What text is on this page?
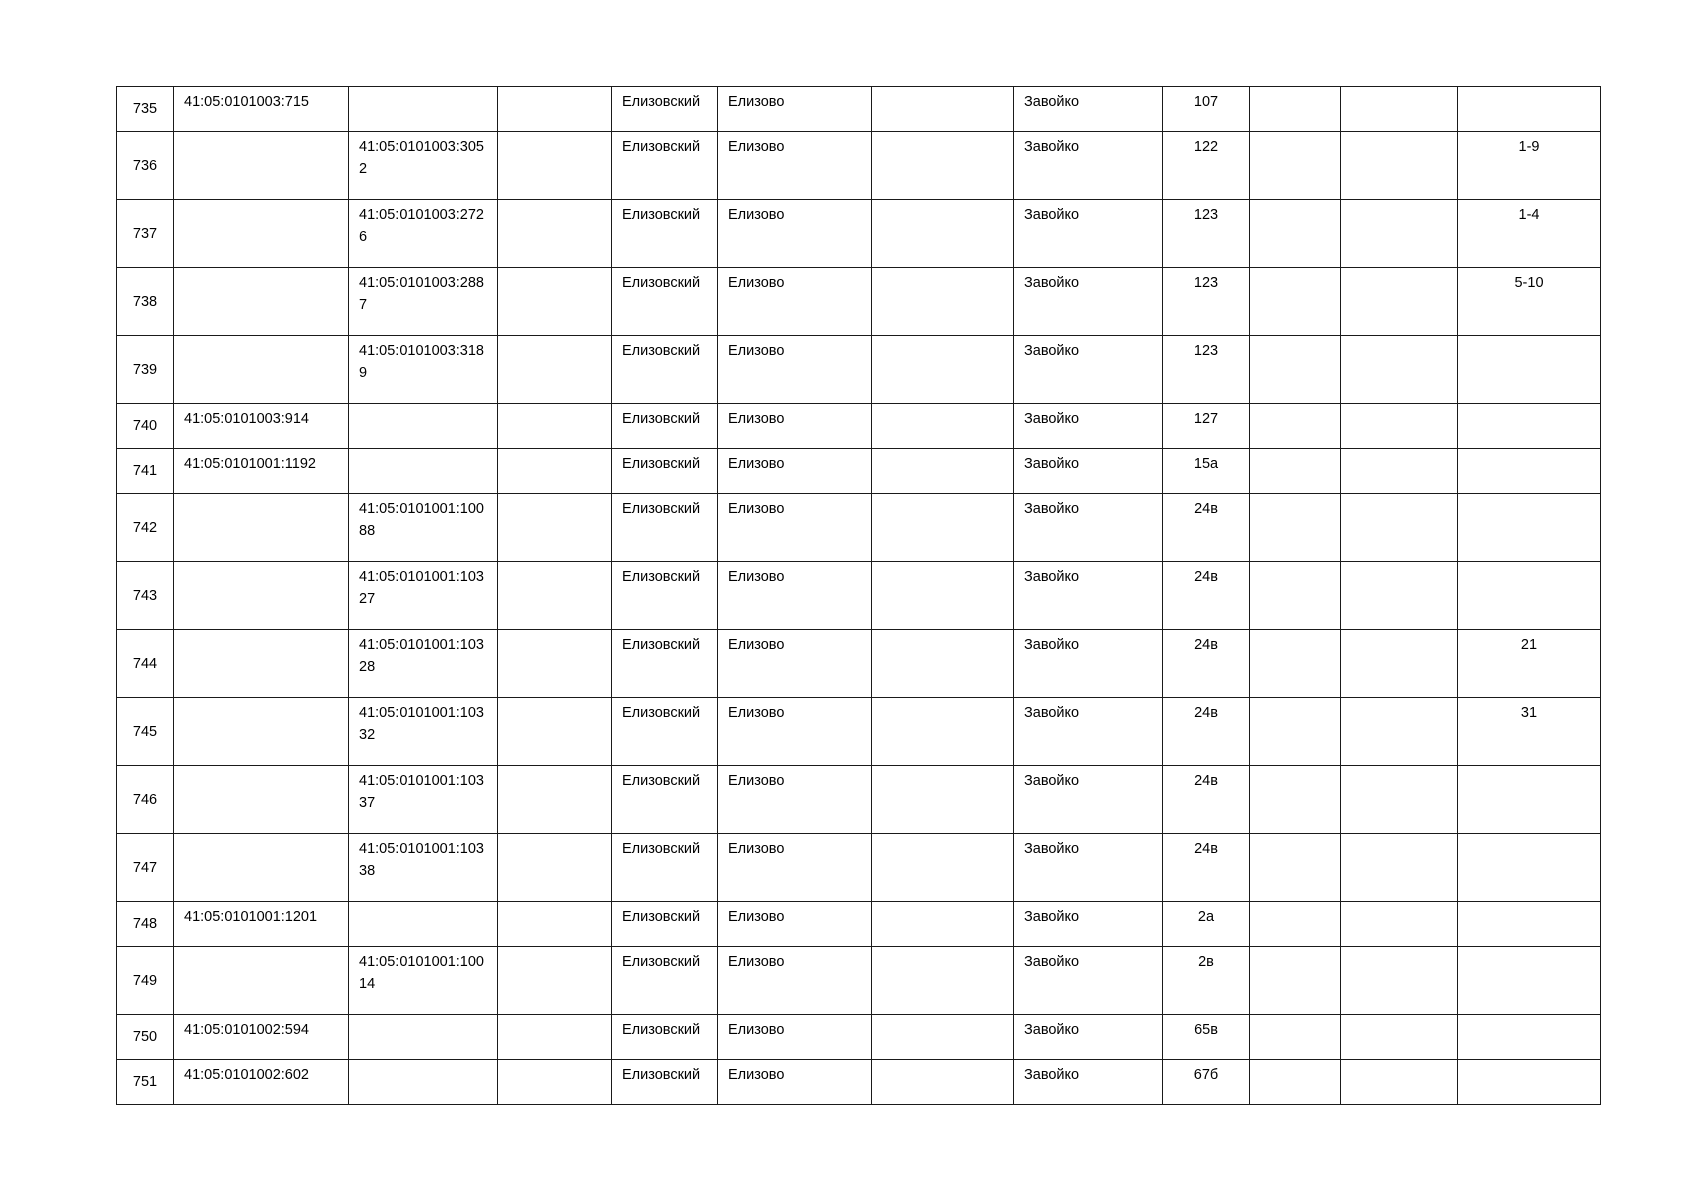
735	41:05:0101003:715			Елизовский	Елизово		Завойко	107			
736		41:05:0101003:3052		Елизовский	Елизово		Завойко	122			1-9
737		41:05:0101003:2726		Елизовский	Елизово		Завойко	123			1-4
738		41:05:0101003:2887		Елизовский	Елизово		Завойко	123			5-10
739		41:05:0101003:3189		Елизовский	Елизово		Завойко	123			
740	41:05:0101003:914			Елизовский	Елизово		Завойко	127			
741	41:05:0101001:1192			Елизовский	Елизово		Завойко	15а			
742		41:05:0101001:10088		Елизовский	Елизово		Завойко	24в			
743		41:05:0101001:10327		Елизовский	Елизово		Завойко	24в			
744		41:05:0101001:10328		Елизовский	Елизово		Завойко	24в			21
745		41:05:0101001:10332		Елизовский	Елизово		Завойко	24в			31
746		41:05:0101001:10337		Елизовский	Елизово		Завойко	24в			
747		41:05:0101001:10338		Елизовский	Елизово		Завойко	24в			
748	41:05:0101001:1201			Елизовский	Елизово		Завойко	2а			
749		41:05:0101001:10014		Елизовский	Елизово		Завойко	2в			
750	41:05:0101002:594			Елизовский	Елизово		Завойко	65в			
751	41:05:0101002:602			Елизовский	Елизово		Завойко	67б			
